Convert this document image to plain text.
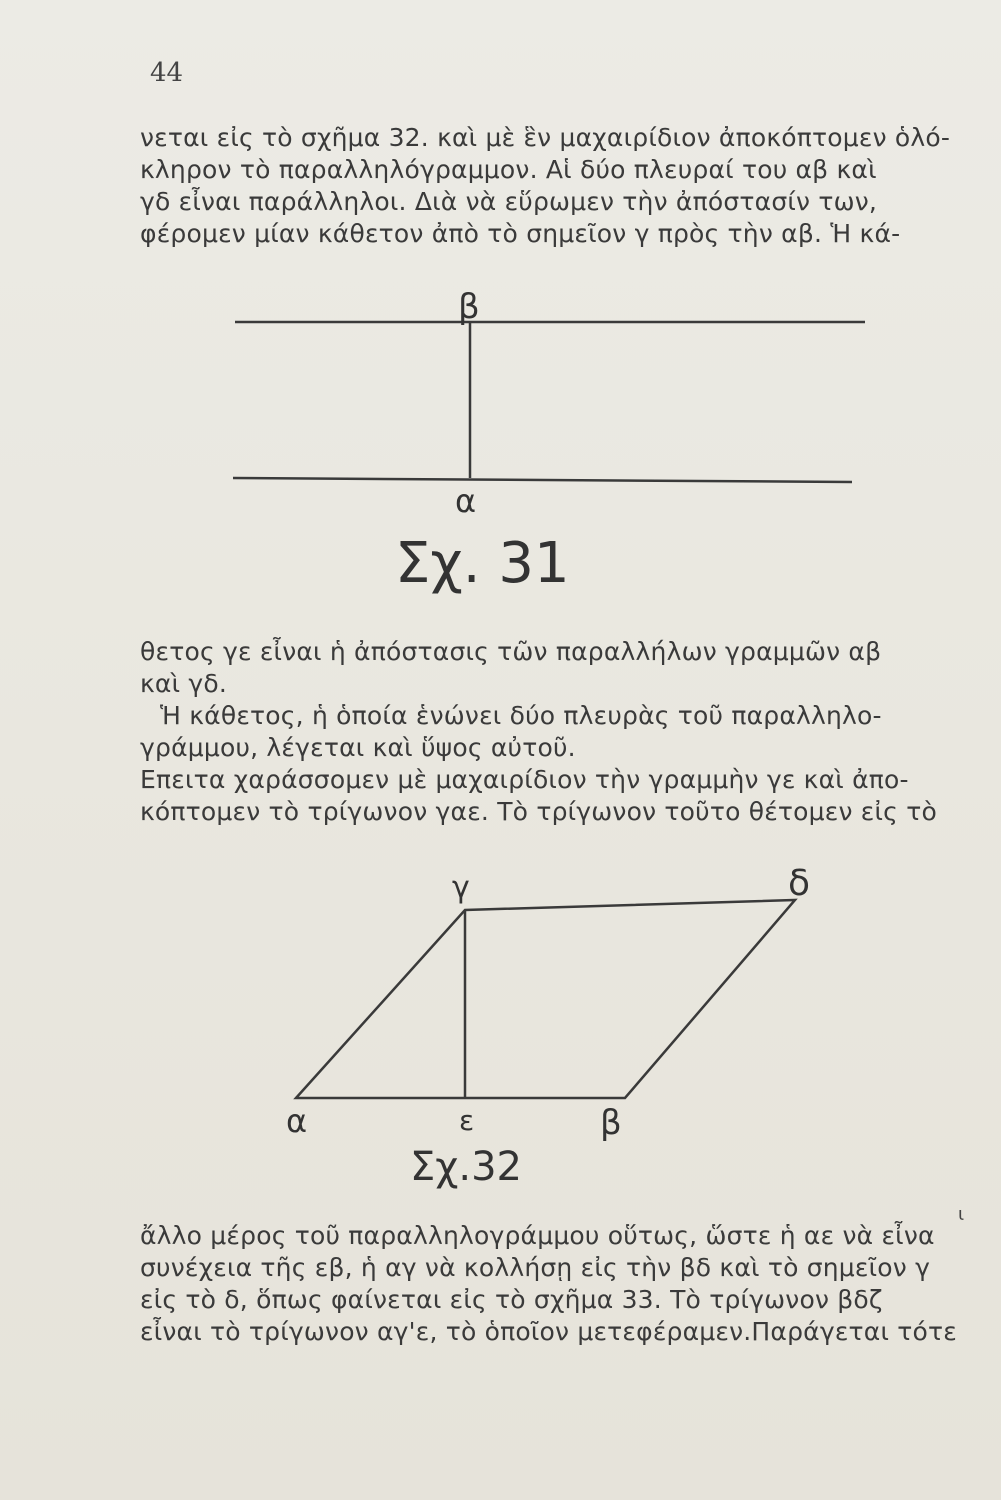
44
νεται εἰς τὸ σχῆμα 32. καὶ μὲ ἓν μαχαιρίδιον ἀποκόπτομεν ὁλό-
κληρον τὸ παραλληλόγραμμον. Αἱ δύο πλευραί του αβ καὶ
γδ εἶναι παράλληλοι. Διὰ νὰ εὕρωμεν τὴν ἀπόστασίν των,
φέρομεν μίαν κάθετον ἀπὸ τὸ σημεῖον γ πρὸς τὴν αβ. Ἡ κά-
β
α
Σχ. 31
θετος γε εἶναι ἡ ἀπόστασις τῶν παραλλήλων γραμμῶν αβ
καὶ γδ.
Ἡ κάθετος, ἡ ὁποία ἑνώνει δύο πλευρὰς τοῦ παραλληλο-
γράμμου, λέγεται καὶ ὕψος αὐτοῦ.
Επειτα χαράσσομεν μὲ μαχαιρίδιον τὴν γραμμὴν γε καὶ ἀπο-
κόπτομεν τὸ τρίγωνον γαε. Τὸ τρίγωνον τοῦτο θέτομεν εἰς τὸ
γ	δ
α	ε	β
Σχ.32
ἄλλο μέρος τοῦ παραλληλογράμμου οὕτως, ὥστε ἡ αε νὰ εἶνα
συνέχεια τῆς εβ, ἡ αγ νὰ κολλήσῃ εἰς τὴν βδ καὶ τὸ σημεῖον γ
εἰς τὸ δ, ὅπως φαίνεται εἰς τὸ σχῆμα 33. Τὸ τρίγωνον βδζ
εἶναι τὸ τρίγωνον αγ'ε, τὸ ὁποῖον μετεφέραμεν.Παράγεται τότε
ι
